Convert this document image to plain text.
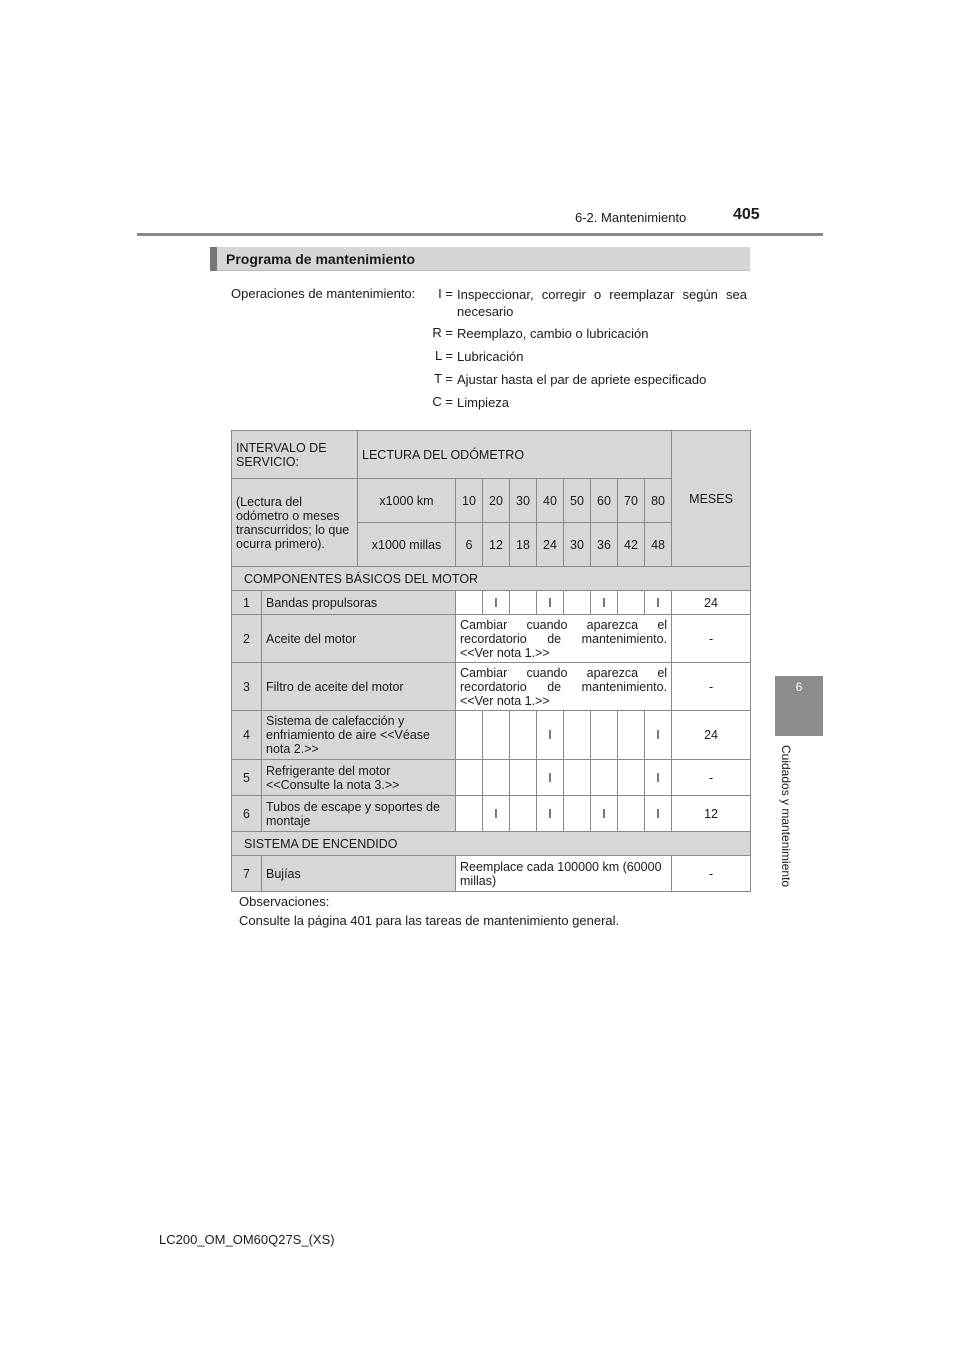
6-2. Mantenimiento	405
6
Cuidados y mantenimiento
Programa de mantenimiento
Operaciones de mantenimiento:	I = Inspeccionar, corregir o reemplazar según sea necesario
R = Reemplazo, cambio o lubricación
L = Lubricación
T = Ajustar hasta el par de apriete especificado
C = Limpieza
INTERVALO DE SERVICIO:		LECTURA DEL ODÓMETRO									MESES
(Lectura del odómetro o meses transcurridos; lo que ocurra primero).		x1000 km	10	20	30	40	50	60	70	80	
		x1000 millas	6	12	18	24	30	36	42	48	
COMPONENTES BÁSICOS DEL MOTOR											
1	Bandas propulsoras			I		I		I		I	24
2	Aceite del motor		Cambiar cuando aparezca el recordatorio de mantenimiento. <<Ver nota 1.>>								-
3	Filtro de aceite del motor		Cambiar cuando aparezca el recordatorio de mantenimiento. <<Ver nota 1.>>								-
4	Sistema de calefacción y enfriamiento de aire <<Véase nota 2.>>					I				I	24
5	Refrigerante del motor <<Consulte la nota 3.>>					I				I	-
6	Tubos de escape y soportes de montaje			I		I		I		I	12
SISTEMA DE ENCENDIDO											
7	Bujías		Reemplace cada 100000 km (60000 millas)								-
Observaciones:
Consulte la página 401 para las tareas de mantenimiento general.
LC200_OM_OM60Q27S_(XS)
